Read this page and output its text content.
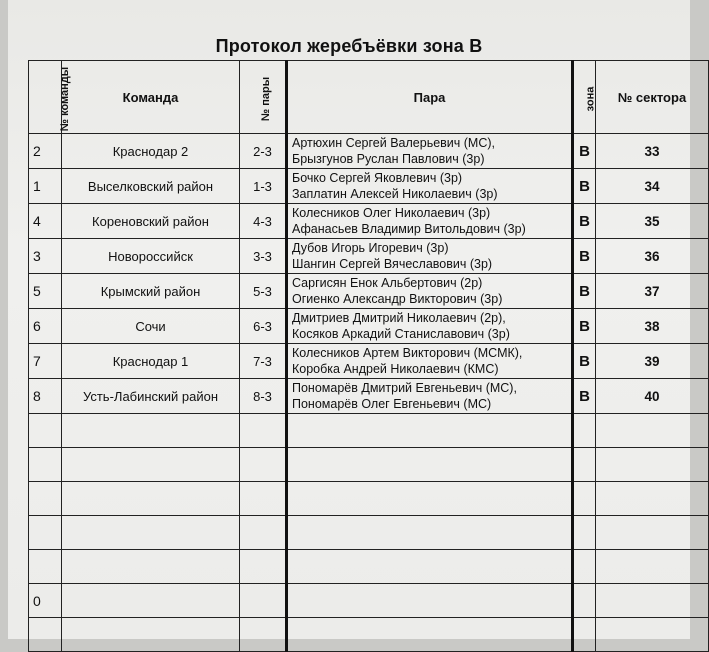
Протокол жеребъёвки зона В
№ команды	Команда	№ пары	Пара	зона	№ сектора
2	Краснодар 2	2-3	Артюхин Сергей Валерьевич (МС),
Брызгунов Руслан Павлович (3р)	В	33
1	Выселковский район	1-3	Бочко Сергей Яковлевич (3р)
Заплатин Алексей Николаевич (3р)	В	34
4	Кореновский район	4-3	Колесников Олег Николаевич (3р)
Афанасьев Владимир Витольдович (3р)	В	35
3	Новороссийск	3-3	Дубов Игорь Игоревич (3р)
Шангин Сергей Вячеславович (3р)	В	36
5	Крымский район	5-3	Саргисян Енок Альбертович (2р)
Огиенко Александр Викторович (3р)	В	37
6	Сочи	6-3	Дмитриев Дмитрий Николаевич (2р),
Косяков Аркадий Станиславович (3р)	В	38
7	Краснодар 1	7-3	Колесников Артем Викторович (МСМК),
Коробка Андрей Николаевич (КМС)	В	39
8	Усть-Лабинский район	8-3	Пономарёв Дмитрий Евгеньевич (МС),
Пономарёв Олег Евгеньевич (МС)	В	40

0					
